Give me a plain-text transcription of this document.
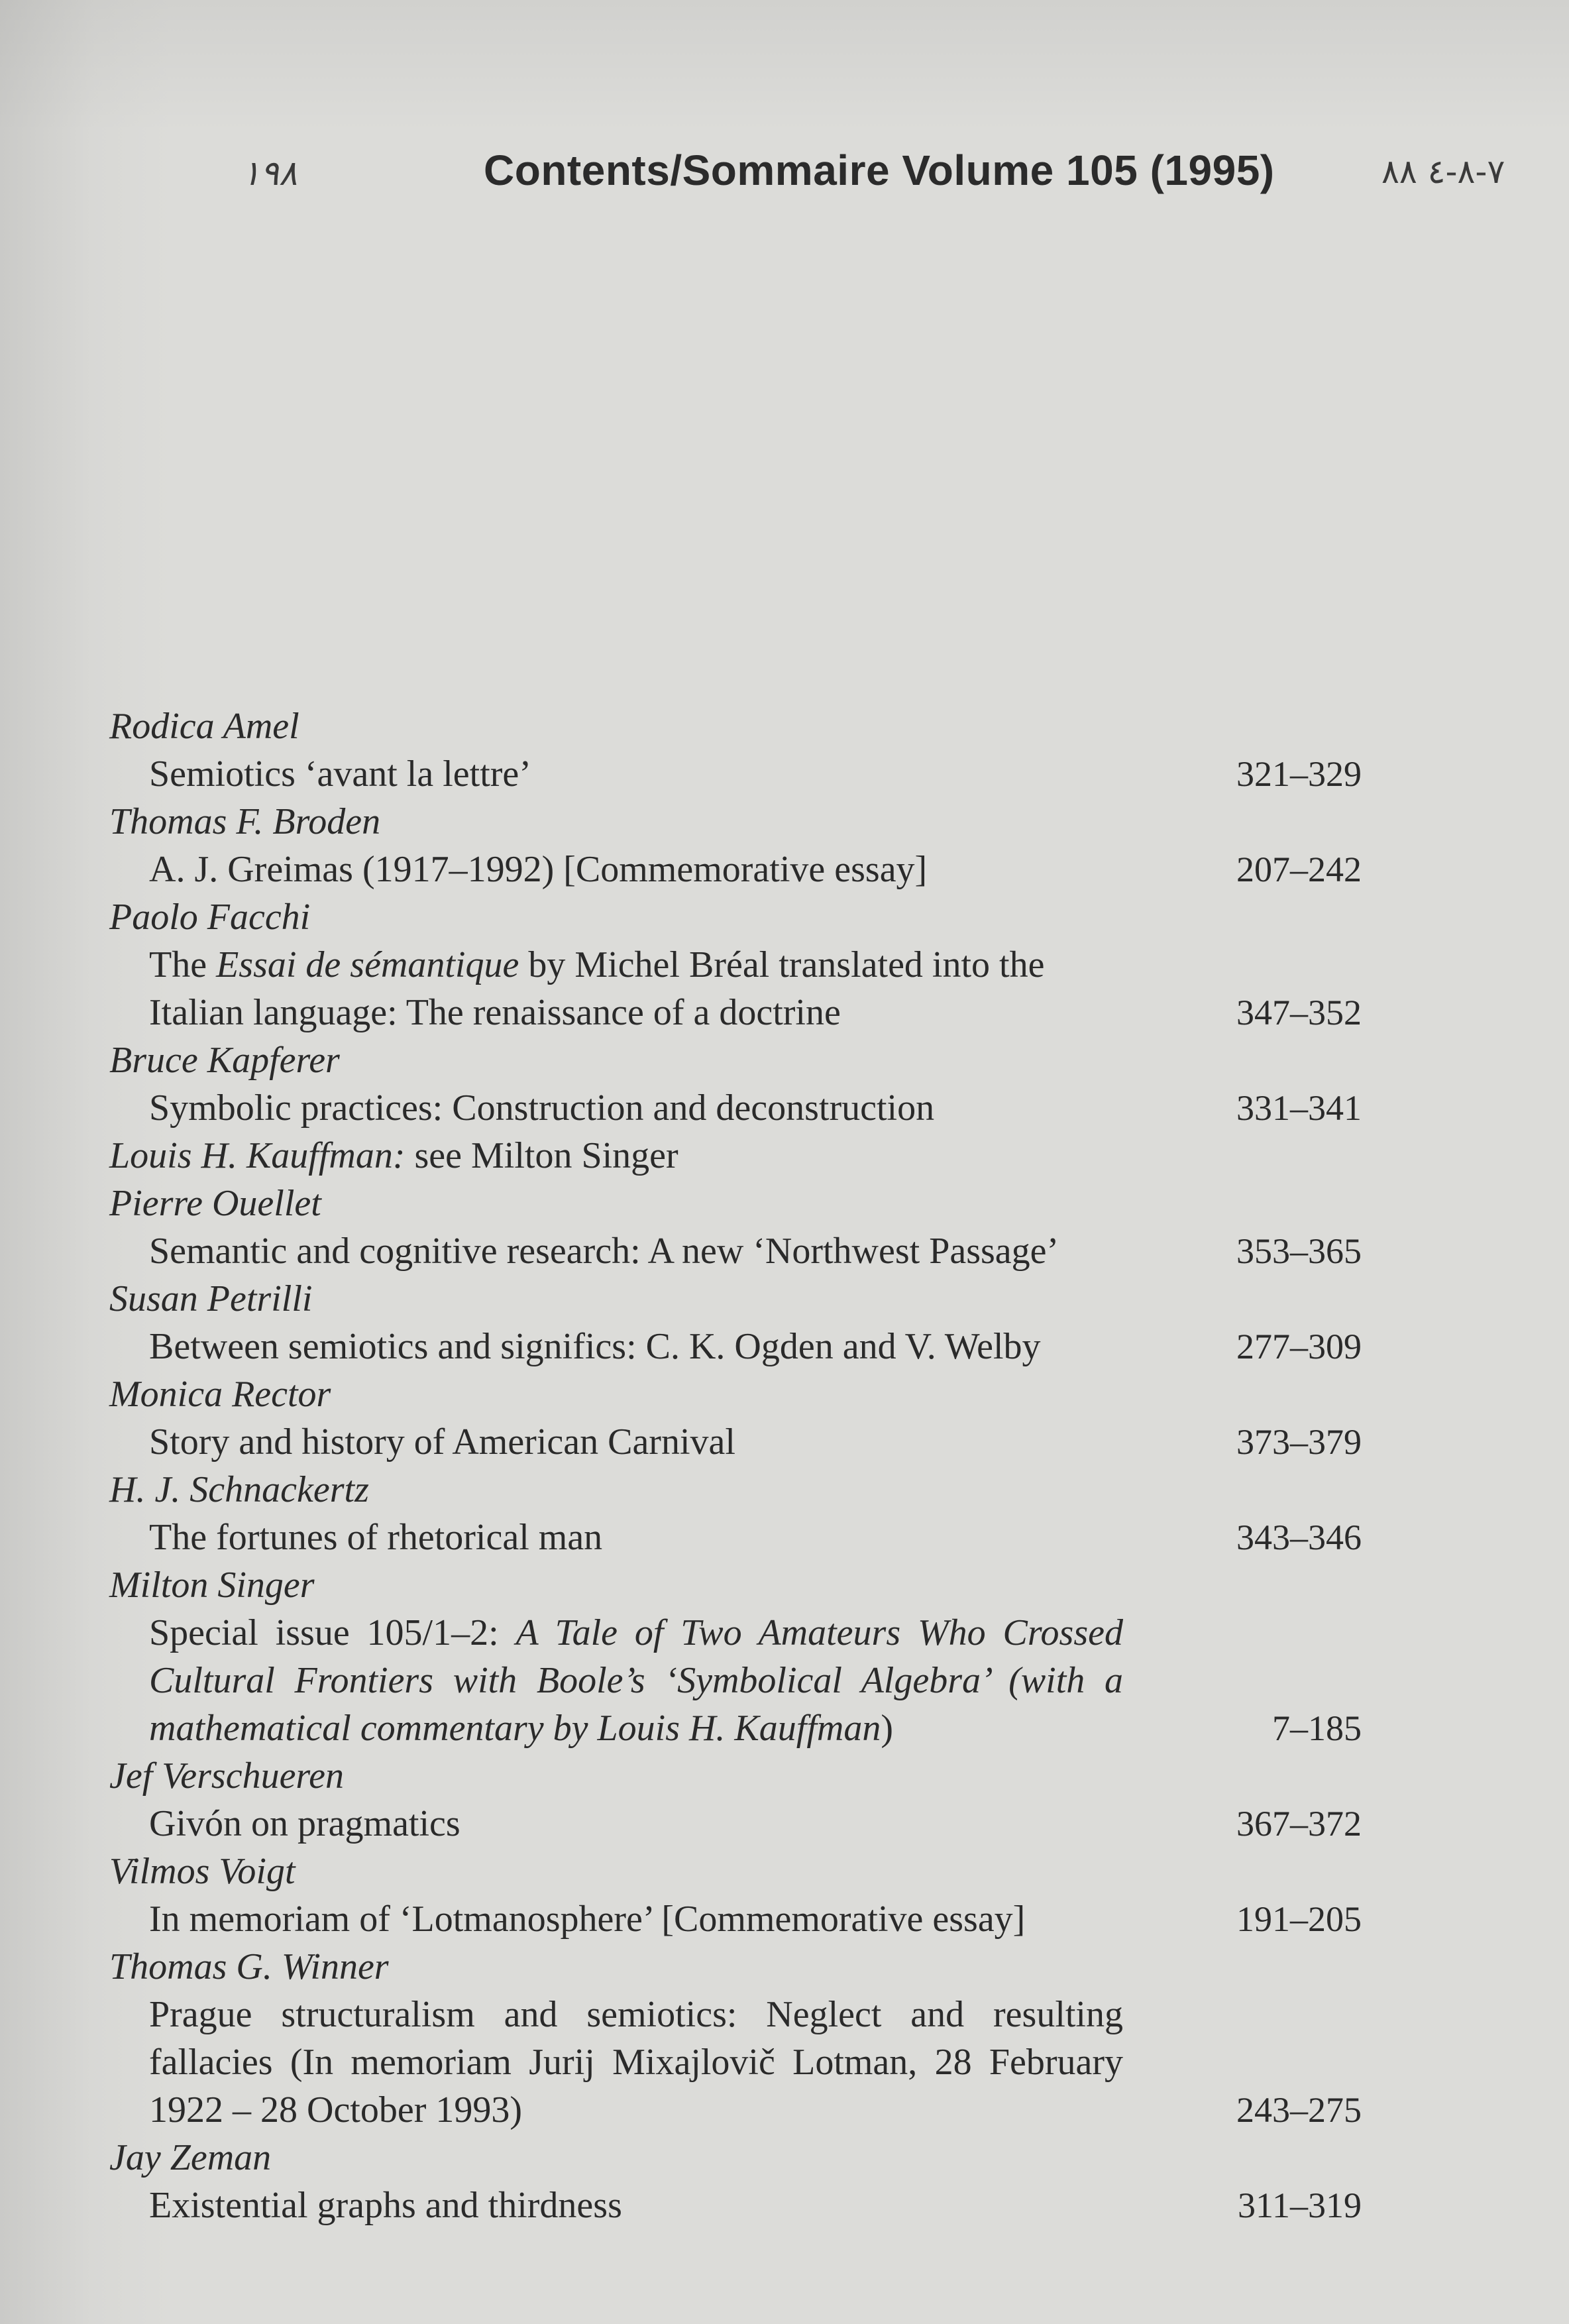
١٩٨	Contents/Sommaire Volume 105 (1995)	٧-٨-٤ ٨٨
Rodica Amel
Semiotics ‘avant la lettre’	321–329
Thomas F. Broden
A. J. Greimas (1917–1992) [Commemorative essay]	207–242
Paolo Facchi
The Essai de sémantique by Michel Bréal translated into the Italian language: The renaissance of a doctrine	347–352
Bruce Kapferer
Symbolic practices: Construction and deconstruction	331–341
Louis H. Kauffman: see Milton Singer
Pierre Ouellet
Semantic and cognitive research: A new ‘Northwest Passage’	353–365
Susan Petrilli
Between semiotics and significs: C. K. Ogden and V. Welby	277–309
Monica Rector
Story and history of American Carnival	373–379
H. J. Schnackertz
The fortunes of rhetorical man	343–346
Milton Singer
Special issue 105/1–2: A Tale of Two Amateurs Who Crossed Cultural Frontiers with Boole’s ‘Symbolical Algebra’ (with a mathematical commentary by Louis H. Kauffman)	7–185
Jef Verschueren
Givón on pragmatics	367–372
Vilmos Voigt
In memoriam of ‘Lotmanosphere’ [Commemorative essay]	191–205
Thomas G. Winner
Prague structuralism and semiotics: Neglect and resulting fallacies (In memoriam Jurij Mixajlovič Lotman, 28 February 1922 – 28 October 1993)	243–275
Jay Zeman
Existential graphs and thirdness	311–319
